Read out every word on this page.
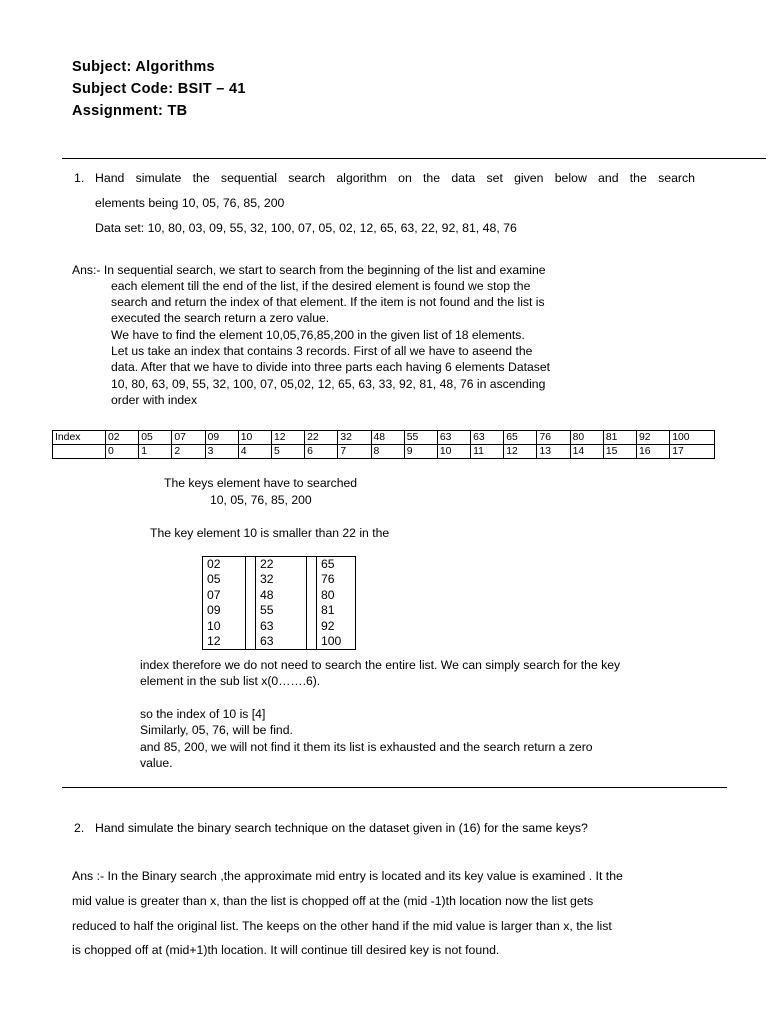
Subject: Algorithms
Subject Code: BSIT – 41
Assignment: TB
1. Hand simulate the sequential search algorithm on the data set given below and the search
elements being 10, 05, 76, 85, 200
Data set: 10, 80, 03, 09, 55, 32, 100, 07, 05, 02, 12, 65, 63, 22, 92, 81, 48, 76
Ans:- In sequential search, we start to search from the beginning of the list and examine
each element till the end of the list, if the desired element is found we stop the
search and return the index of that element. If the item is not found and the list is
executed the search return a zero value.
We have to find the element 10,05,76,85,200 in the given list of 18 elements.
Let us take an index that contains 3 records. First of all we have to aseend the
data. After that we have to divide into three parts each having 6 elements Dataset
10, 80, 63, 09, 55, 32, 100, 07, 05,02, 12, 65, 63, 33, 92, 81, 48, 76 in ascending
order with index
Index	02	05	07	09	10	12	22	32	48	55	63	63	65	76	80	81	92	100
	0	1	2	3	4	5	6	7	8	9	10	11	12	13	14	15	16	17
The keys element have to searched
10, 05, 76, 85, 200
The key element 10 is smaller than 22 in the
02		22		65
05		32		76
07		48		80
09		55		81
10		63		92
12		63		100
index therefore we do not need to search the entire list. We can simply search for the key
element in the sub list x(0…….6).
so the index of 10 is [4]
Similarly, 05, 76, will be find.
and 85, 200, we will not find it them its list is exhausted and the search return a zero
value.
2. Hand simulate the binary search technique on the dataset given in (16) for the same keys?
Ans :- In the Binary search ,the approximate mid entry is located and its key value is examined . It the
mid value is greater than x, than the list is chopped off at the (mid -1)th location now the list gets
reduced to half the original list. The keeps on the other hand if the mid value is larger than x, the list
is chopped off at (mid+1)th location. It will continue till desired key is not found.
